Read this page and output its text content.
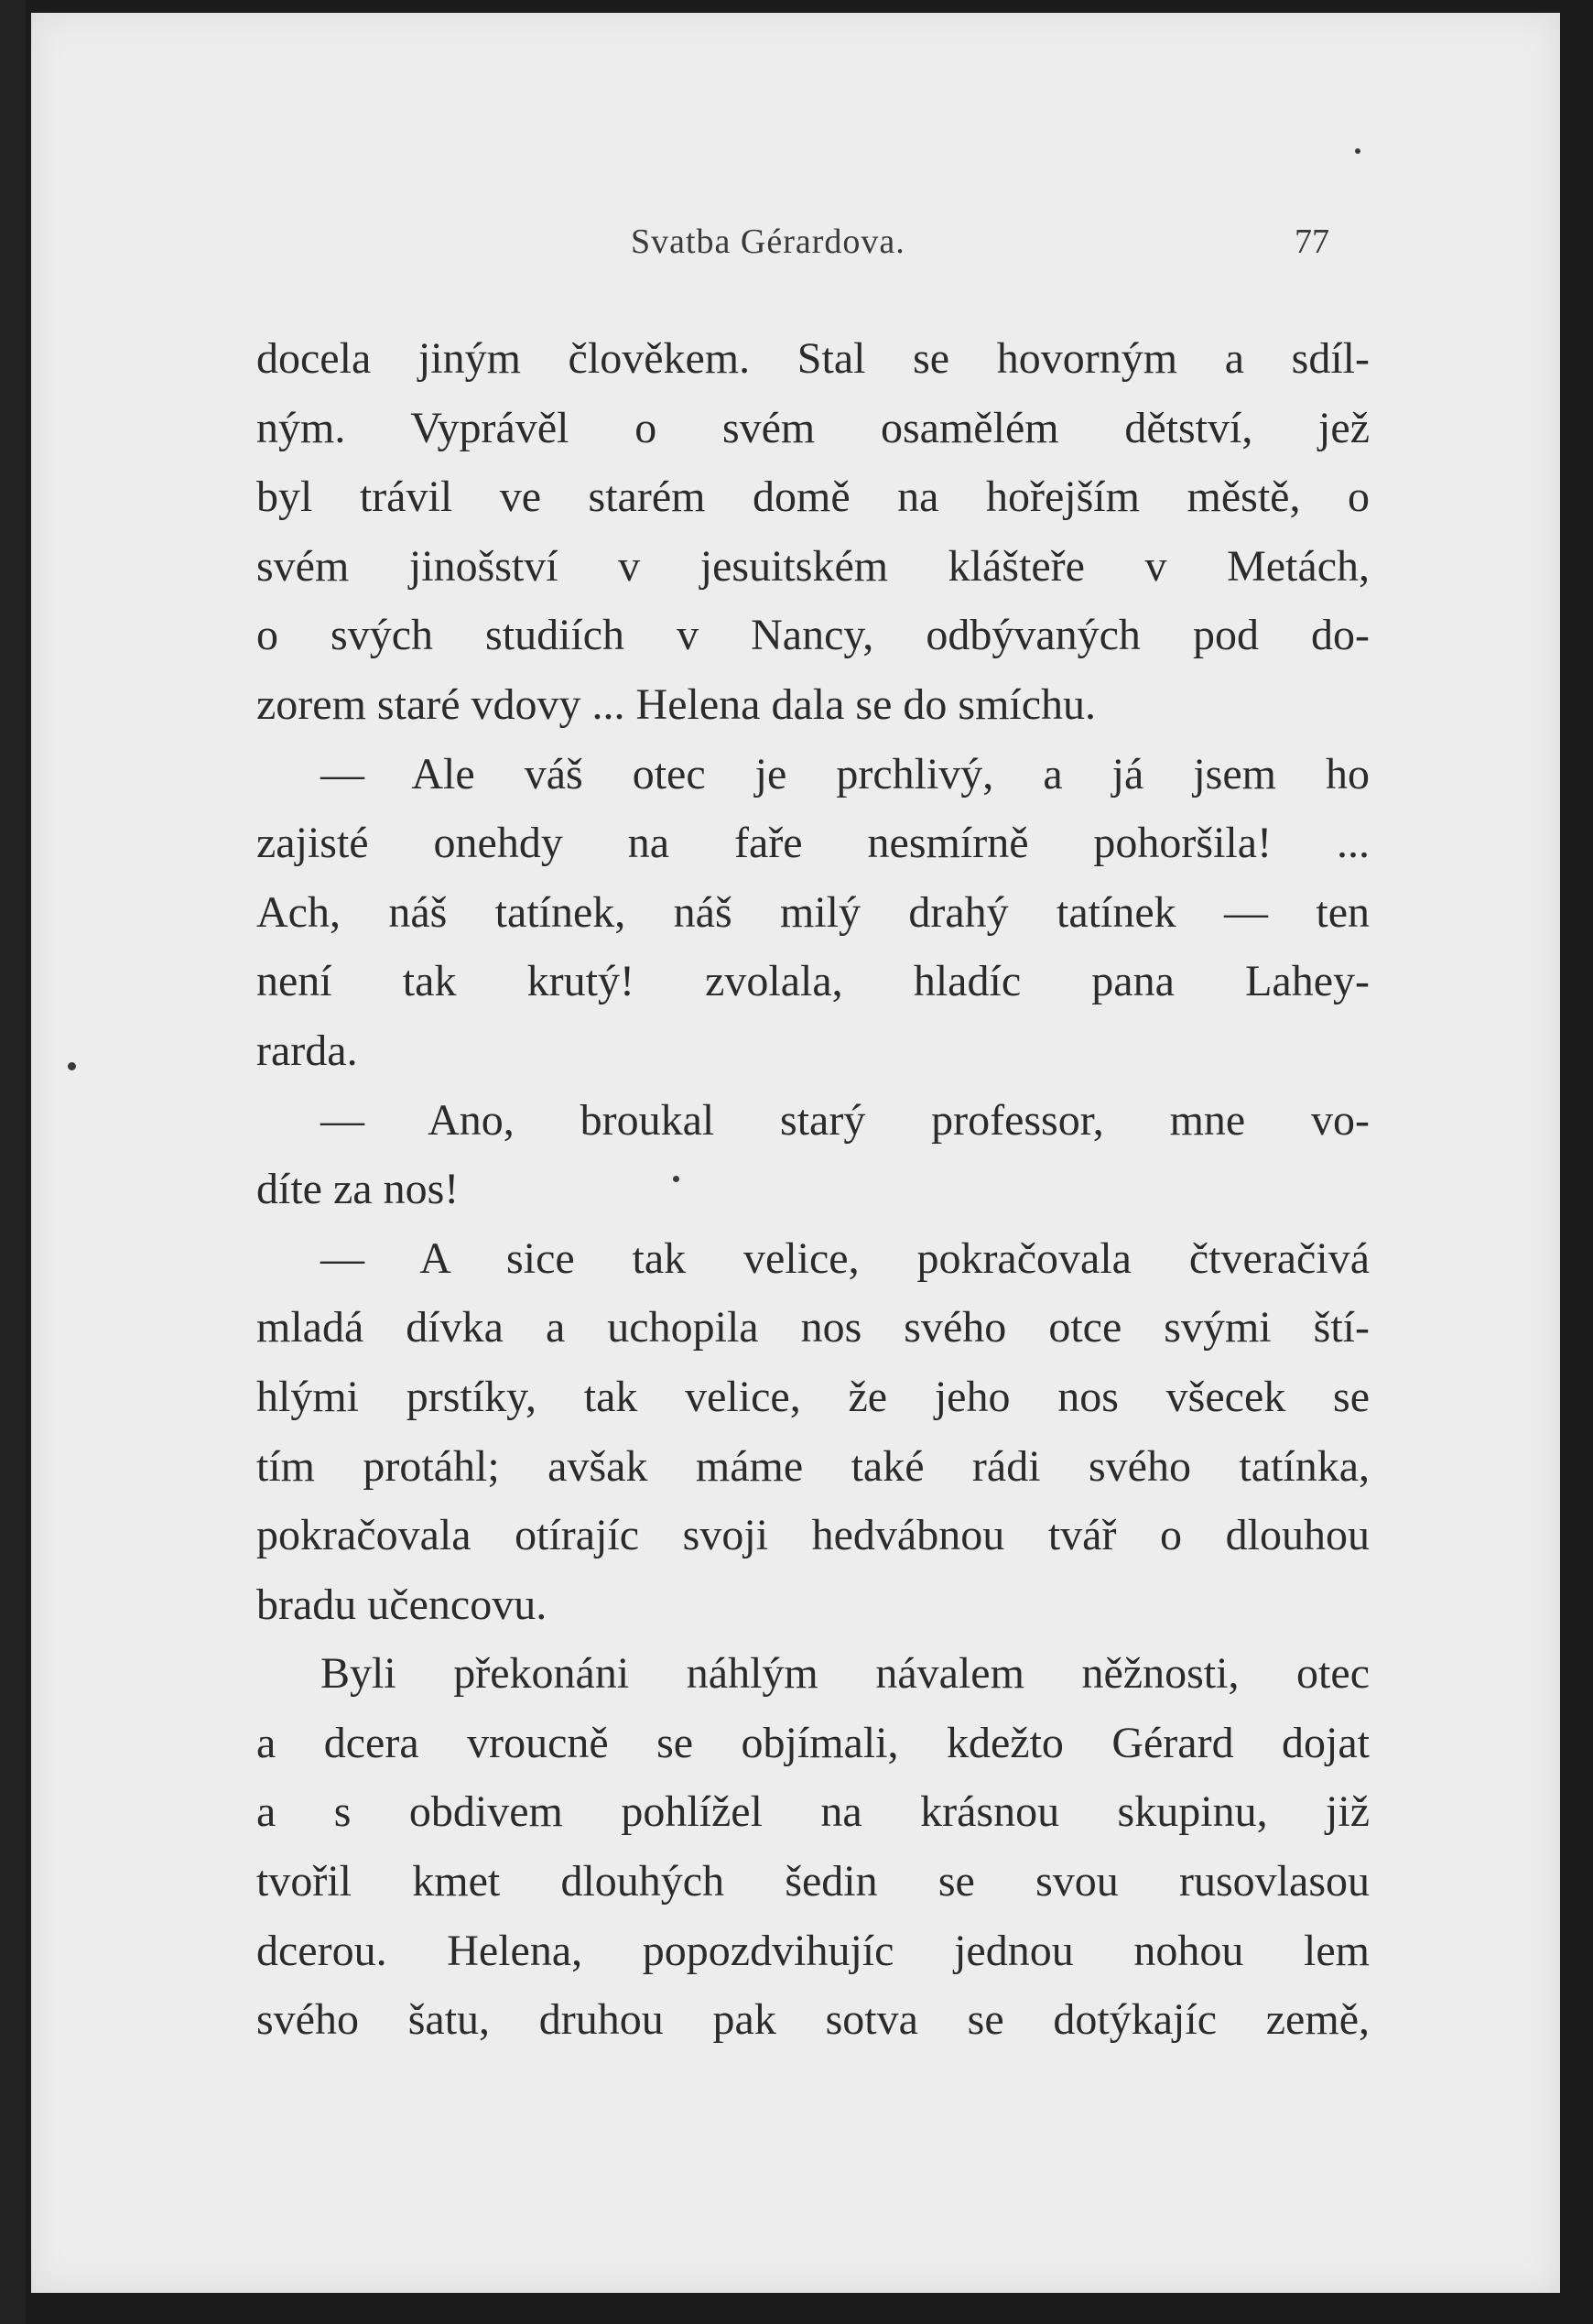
Svatba Gérardova.	77
docela jiným člověkem. Stal se hovorným a sdíl-
ným. Vyprávěl o svém osamělém dětství, jež
byl trávil ve starém domě na hořejším městě, o
svém jinošství v jesuitském klášteře v Metách,
o svých studiích v Nancy, odbývaných pod do-
zorem staré vdovy ... Helena dala se do smíchu.
— Ale váš otec je prchlivý, a já jsem ho
zajisté onehdy na faře nesmírně pohoršila! ...
Ach, náš tatínek, náš milý drahý tatínek — ten
není tak krutý! zvolala, hladíc pana Lahey-
rarda.
— Ano, broukal starý professor, mne vo-
díte za nos!
— A sice tak velice, pokračovala čtveračivá
mladá dívka a uchopila nos svého otce svými ští-
hlými prstíky, tak velice, že jeho nos všecek se
tím protáhl; avšak máme také rádi svého tatínka,
pokračovala otírajíc svoji hedvábnou tvář o dlouhou
bradu učencovu.
Byli překonáni náhlým návalem něžnosti, otec
a dcera vroucně se objímali, kdežto Gérard dojat
a s obdivem pohlížel na krásnou skupinu, již
tvořil kmet dlouhých šedin se svou rusovlasou
dcerou. Helena, popozdvihujíc jednou nohou lem
svého šatu, druhou pak sotva se dotýkajíc země,
